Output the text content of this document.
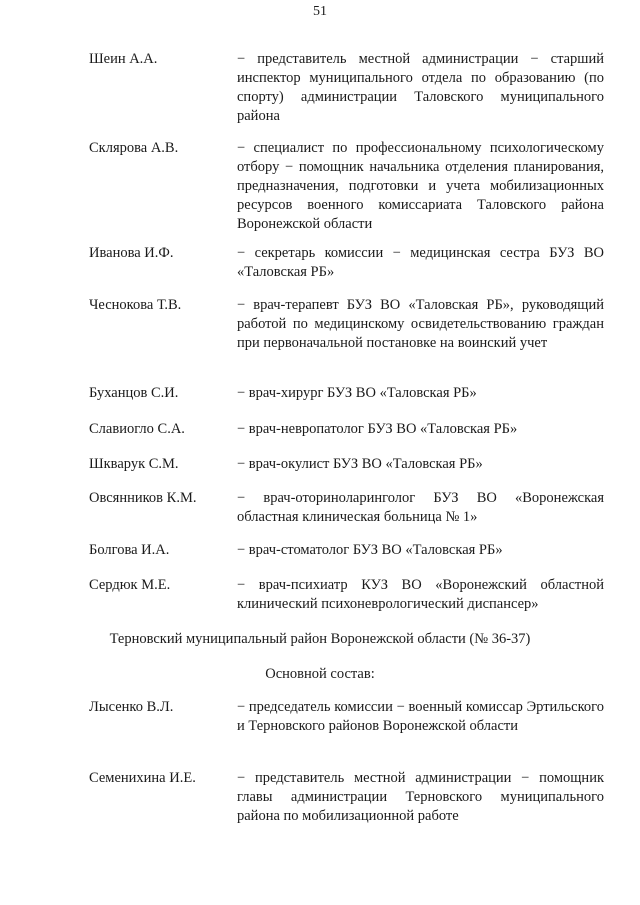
51
Шеин А.А.	− представитель местной администрации − старший инспектор муниципального отдела по образованию (по спорту) администрации Таловского муниципального района
Склярова А.В.	− специалист по профессиональному психологическому отбору − помощник начальника отделения планирования, предназначения, подготовки и учета мобилизационных ресурсов военного комиссариата Таловского района Воронежской области
Иванова И.Ф.	− секретарь комиссии − медицинская сестра БУЗ ВО «Таловская РБ»
Чеснокова Т.В.	− врач-терапевт БУЗ ВО «Таловская РБ», руководящий работой по медицинскому освидетельствованию граждан при первоначальной постановке на воинский учет
Буханцов С.И.	− врач-хирург БУЗ ВО «Таловская РБ»
Славиогло С.А.	− врач-невропатолог БУЗ ВО «Таловская РБ»
Шкварук С.М.	− врач-окулист БУЗ ВО «Таловская РБ»
Овсянников К.М.	− врач-оториноларинголог БУЗ ВО «Воронежская областная клиническая больница № 1»
Болгова И.А.	− врач-стоматолог БУЗ ВО «Таловская РБ»
Сердюк М.Е.	− врач-психиатр КУЗ ВО «Воронежский областной клинический психоневрологический диспансер»
Терновский муниципальный район Воронежской области (№ 36-37)
Основной состав:
Лысенко В.Л.	− председатель комиссии − военный комиссар Эртильского и Терновского районов Воронежской области
Семенихина И.Е.	− представитель местной администрации − помощник главы администрации Терновского муниципального района по мобилизационной работе
